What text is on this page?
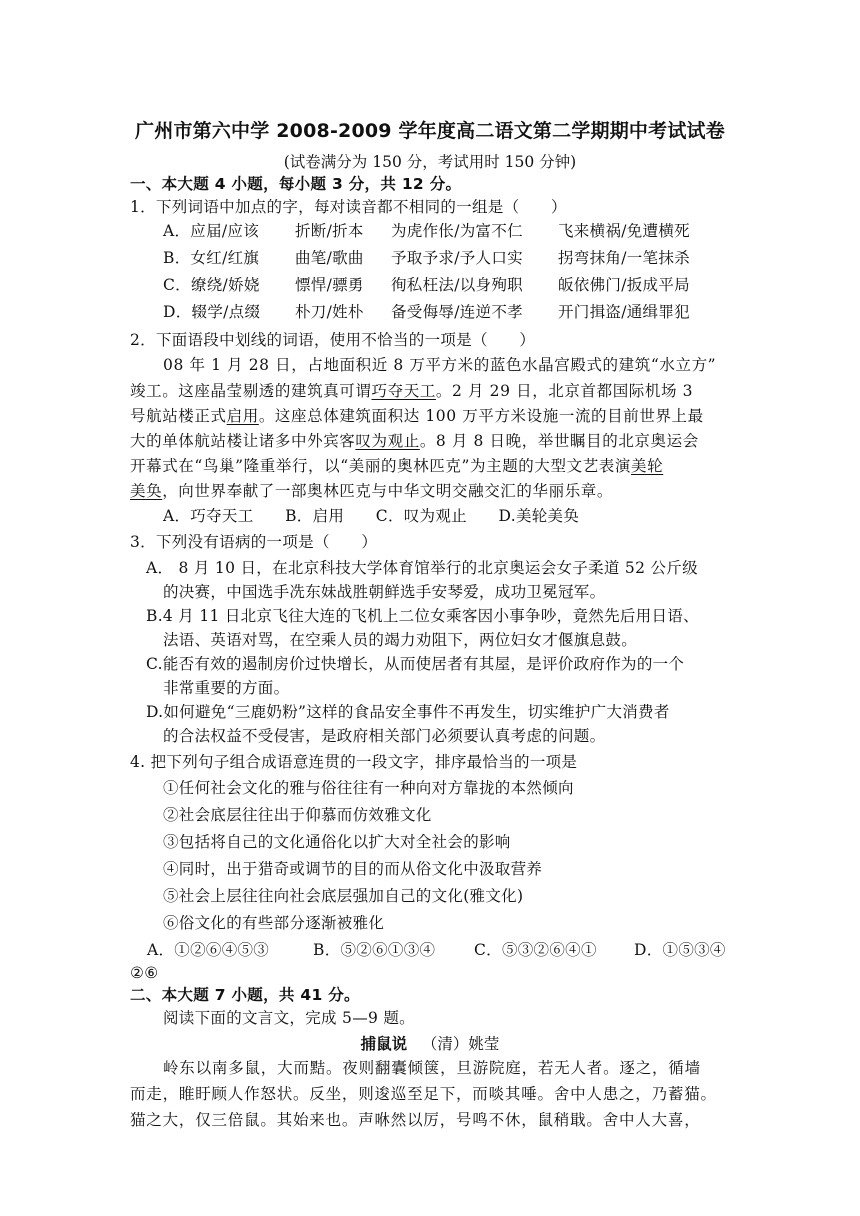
广州市第六中学 2008-2009 学年度高二语文第二学期期中考试试卷
(试卷满分为 150 分，考试用时 150 分钟)
一、本大题 4 小题，每小题 3 分，共 12 分。
1．下列词语中加点的字，每对读音都不相同的一组是（　　）
A．应届/应该 折断/折本 为虎作伥/为富不仁 飞来横祸/免遭横死
B．女红/红旗 曲笔/歌曲 予取予求/予人口实 拐弯抹角/一笔抹杀
C．缭绕/娇娆 慓悍/骠勇 徇私枉法/以身殉职 皈依佛门/扳成平局
D．辍学/点缀 朴刀/姓朴 备受侮辱/连逆不孝 开门揖盗/通缉罪犯
2．下面语段中划线的词语，使用不恰当的一项是（　　）
08 年 1 月 28 日，占地面积近 8 万平方米的蓝色水晶宫殿式的建筑“水立方”
竣工。这座晶莹剔透的建筑真可谓巧夺天工。2 月 29 日，北京首都国际机场 3
号航站楼正式启用。这座总体建筑面积达 100 万平方米设施一流的目前世界上最
大的单体航站楼让诸多中外宾客叹为观止。8 月 8 日晚，举世瞩目的北京奥运会
开幕式在“鸟巢”隆重举行，以“美丽的奥林匹克”为主题的大型文艺表演美轮
美奂，向世界奉献了一部奥林匹克与中华文明交融交汇的华丽乐章。
A．巧夺天工　　B．启用　　C．叹为观止　　D.美轮美奂
3．下列没有语病的一项是（　　）
A． 8 月 10 日，在北京科技大学体育馆举行的北京奥运会女子柔道 52 公斤级
的决赛，中国选手冼东妹战胜朝鲜选手安琴爱，成功卫冕冠军。
B.4 月 11 日北京飞往大连的飞机上二位女乘客因小事争吵，竟然先后用日语、
法语、英语对骂，在空乘人员的竭力劝阻下，两位妇女才偃旗息鼓。
C.能否有效的遏制房价过快增长，从而使居者有其屋，是评价政府作为的一个
非常重要的方面。
D.如何避免“三鹿奶粉”这样的食品安全事件不再发生，切实维护广大消费者
的合法权益不受侵害，是政府相关部门必须要认真考虑的问题。
4. 把下列句子组合成语意连贯的一段文字，排序最恰当的一项是
①任何社会文化的雅与俗往往有一种向对方靠拢的本然倾向
②社会底层往往出于仰慕而仿效雅文化
③包括将自己的文化通俗化以扩大对全社会的影响
④同时，出于猎奇或调节的目的而从俗文化中汲取营养
⑤社会上层往往向社会底层强加自己的文化(雅文化)
⑥俗文化的有些部分逐渐被雅化
A．①②⑥④⑤③	B．⑤②⑥①③④ C．⑤③②⑥④① D．①⑤③④
②⑥
二、本大题 7 小题，共 41 分。
阅读下面的文言文，完成 5—9 题。
捕鼠说 （清）姚莹
岭东以南多鼠，大而黠。夜则翻囊倾箧，旦游院庭，若无人者。逐之，循墙
而走，睢盱顾人作怒状。反坐，则逡巡至足下，而啖其唾。舍中人患之，乃蓄猫。
猫之大，仅三倍鼠。其始来也。声咻然以厉，号鸣不休，鼠稍戢。舍中人大喜，
